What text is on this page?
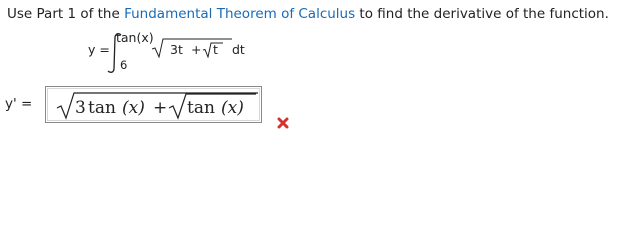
Use Part 1 of the Fundamental Theorem of Calculus to find the derivative of the function.
y =
tan(x)
6
3t + t dt
y' =	3 tan (x) + tan (x)
